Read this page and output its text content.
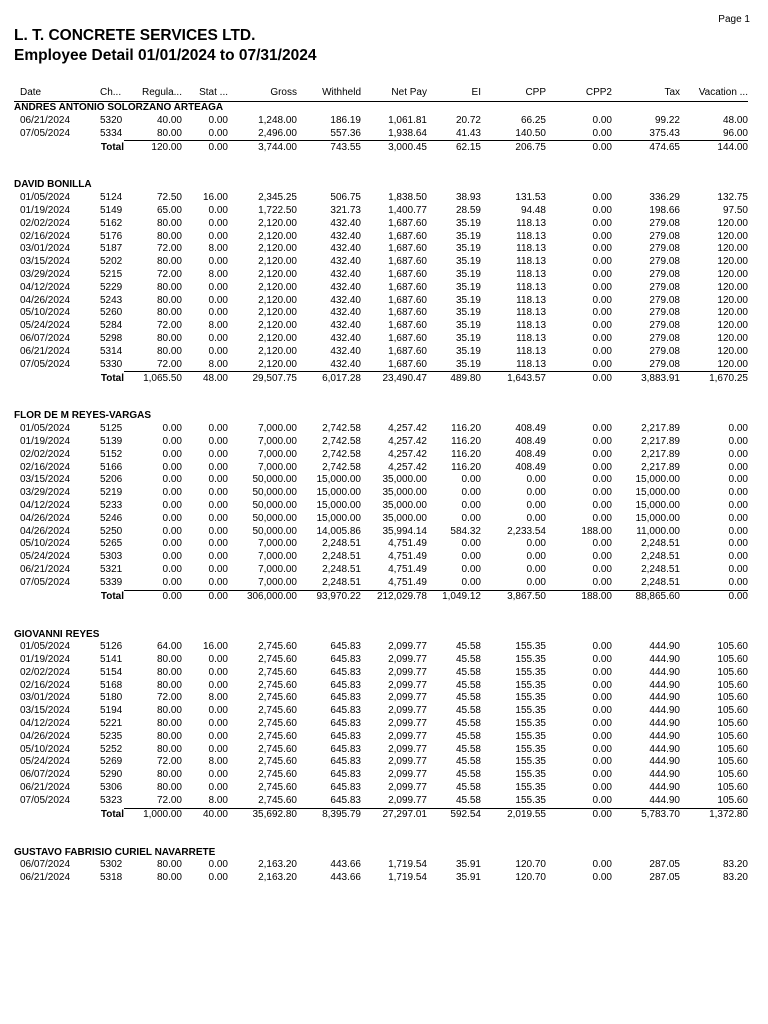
Page 1
L. T. CONCRETE SERVICES LTD.
Employee Detail 01/01/2024 to 07/31/2024
Date	Ch...	Regula...	Stat ...	Gross	Withheld	Net Pay	EI	CPP	CPP2	Tax	Vacation ...
ANDRES ANTONIO SOLORZANO ARTEAGA											
06/21/2024	5320	40.00	0.00	1,248.00	186.19	1,061.81	20.72	66.25	0.00	99.22	48.00
07/05/2024	5334	80.00	0.00	2,496.00	557.36	1,938.64	41.43	140.50	0.00	375.43	96.00
Total		120.00	0.00	3,744.00	743.55	3,000.45	62.15	206.75	0.00	474.65	144.00

DAVID BONILLA											
01/05/2024	5124	72.50	16.00	2,345.25	506.75	1,838.50	38.93	131.53	0.00	336.29	132.75
01/19/2024	5149	65.00	0.00	1,722.50	321.73	1,400.77	28.59	94.48	0.00	198.66	97.50
02/02/2024	5162	80.00	0.00	2,120.00	432.40	1,687.60	35.19	118.13	0.00	279.08	120.00
02/16/2024	5176	80.00	0.00	2,120.00	432.40	1,687.60	35.19	118.13	0.00	279.08	120.00
03/01/2024	5187	72.00	8.00	2,120.00	432.40	1,687.60	35.19	118.13	0.00	279.08	120.00
03/15/2024	5202	80.00	0.00	2,120.00	432.40	1,687.60	35.19	118.13	0.00	279.08	120.00
03/29/2024	5215	72.00	8.00	2,120.00	432.40	1,687.60	35.19	118.13	0.00	279.08	120.00
04/12/2024	5229	80.00	0.00	2,120.00	432.40	1,687.60	35.19	118.13	0.00	279.08	120.00
04/26/2024	5243	80.00	0.00	2,120.00	432.40	1,687.60	35.19	118.13	0.00	279.08	120.00
05/10/2024	5260	80.00	0.00	2,120.00	432.40	1,687.60	35.19	118.13	0.00	279.08	120.00
05/24/2024	5284	72.00	8.00	2,120.00	432.40	1,687.60	35.19	118.13	0.00	279.08	120.00
06/07/2024	5298	80.00	0.00	2,120.00	432.40	1,687.60	35.19	118.13	0.00	279.08	120.00
06/21/2024	5314	80.00	0.00	2,120.00	432.40	1,687.60	35.19	118.13	0.00	279.08	120.00
07/05/2024	5330	72.00	8.00	2,120.00	432.40	1,687.60	35.19	118.13	0.00	279.08	120.00
Total		1,065.50	48.00	29,507.75	6,017.28	23,490.47	489.80	1,643.57	0.00	3,883.91	1,670.25

FLOR DE M REYES-VARGAS											
01/05/2024	5125	0.00	0.00	7,000.00	2,742.58	4,257.42	116.20	408.49	0.00	2,217.89	0.00
01/19/2024	5139	0.00	0.00	7,000.00	2,742.58	4,257.42	116.20	408.49	0.00	2,217.89	0.00
02/02/2024	5152	0.00	0.00	7,000.00	2,742.58	4,257.42	116.20	408.49	0.00	2,217.89	0.00
02/16/2024	5166	0.00	0.00	7,000.00	2,742.58	4,257.42	116.20	408.49	0.00	2,217.89	0.00
03/15/2024	5206	0.00	0.00	50,000.00	15,000.00	35,000.00	0.00	0.00	0.00	15,000.00	0.00
03/29/2024	5219	0.00	0.00	50,000.00	15,000.00	35,000.00	0.00	0.00	0.00	15,000.00	0.00
04/12/2024	5233	0.00	0.00	50,000.00	15,000.00	35,000.00	0.00	0.00	0.00	15,000.00	0.00
04/26/2024	5246	0.00	0.00	50,000.00	15,000.00	35,000.00	0.00	0.00	0.00	15,000.00	0.00
04/26/2024	5250	0.00	0.00	50,000.00	14,005.86	35,994.14	584.32	2,233.54	188.00	11,000.00	0.00
05/10/2024	5265	0.00	0.00	7,000.00	2,248.51	4,751.49	0.00	0.00	0.00	2,248.51	0.00
05/24/2024	5303	0.00	0.00	7,000.00	2,248.51	4,751.49	0.00	0.00	0.00	2,248.51	0.00
06/21/2024	5321	0.00	0.00	7,000.00	2,248.51	4,751.49	0.00	0.00	0.00	2,248.51	0.00
07/05/2024	5339	0.00	0.00	7,000.00	2,248.51	4,751.49	0.00	0.00	0.00	2,248.51	0.00
Total		0.00	0.00	306,000.00	93,970.22	212,029.78	1,049.12	3,867.50	188.00	88,865.60	0.00

GIOVANNI REYES											
01/05/2024	5126	64.00	16.00	2,745.60	645.83	2,099.77	45.58	155.35	0.00	444.90	105.60
01/19/2024	5141	80.00	0.00	2,745.60	645.83	2,099.77	45.58	155.35	0.00	444.90	105.60
02/02/2024	5154	80.00	0.00	2,745.60	645.83	2,099.77	45.58	155.35	0.00	444.90	105.60
02/16/2024	5168	80.00	0.00	2,745.60	645.83	2,099.77	45.58	155.35	0.00	444.90	105.60
03/01/2024	5180	72.00	8.00	2,745.60	645.83	2,099.77	45.58	155.35	0.00	444.90	105.60
03/15/2024	5194	80.00	0.00	2,745.60	645.83	2,099.77	45.58	155.35	0.00	444.90	105.60
04/12/2024	5221	80.00	0.00	2,745.60	645.83	2,099.77	45.58	155.35	0.00	444.90	105.60
04/26/2024	5235	80.00	0.00	2,745.60	645.83	2,099.77	45.58	155.35	0.00	444.90	105.60
05/10/2024	5252	80.00	0.00	2,745.60	645.83	2,099.77	45.58	155.35	0.00	444.90	105.60
05/24/2024	5269	72.00	8.00	2,745.60	645.83	2,099.77	45.58	155.35	0.00	444.90	105.60
06/07/2024	5290	80.00	0.00	2,745.60	645.83	2,099.77	45.58	155.35	0.00	444.90	105.60
06/21/2024	5306	80.00	0.00	2,745.60	645.83	2,099.77	45.58	155.35	0.00	444.90	105.60
07/05/2024	5323	72.00	8.00	2,745.60	645.83	2,099.77	45.58	155.35	0.00	444.90	105.60
Total		1,000.00	40.00	35,692.80	8,395.79	27,297.01	592.54	2,019.55	0.00	5,783.70	1,372.80

GUSTAVO FABRISIO CURIEL NAVARRETE											
06/07/2024	5302	80.00	0.00	2,163.20	443.66	1,719.54	35.91	120.70	0.00	287.05	83.20
06/21/2024	5318	80.00	0.00	2,163.20	443.66	1,719.54	35.91	120.70	0.00	287.05	83.20
